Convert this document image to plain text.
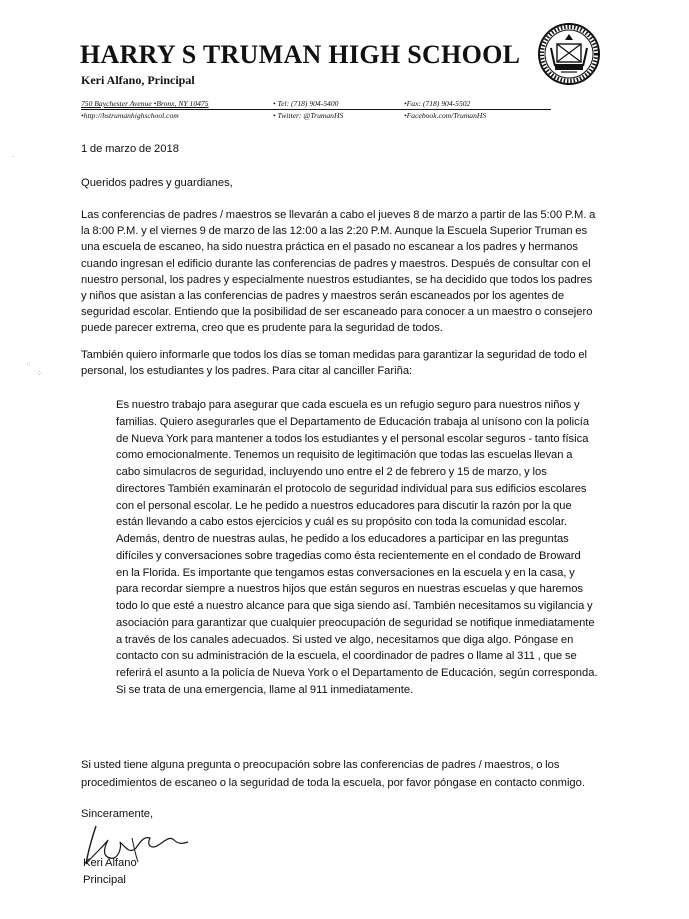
HARRY S TRUMAN HIGH SCHOOL
Keri Alfano, Principal
750 Baychester Avenue •Bronx, NY 10475
•http://hstrumanhighschool.com
• Tel: (718) 904-5400
• Twitter: @TrumanHS
•Fax: (718) 904-5502
•Facebook.com/TrumanHS
1 de marzo de 2018
Queridos padres y guardianes,
Las conferencias de padres / maestros se llevarán a cabo el jueves 8 de marzo a partir de las 5:00 P.M. a
la 8:00 P.M. y el viernes 9 de marzo de las 12:00 a las 2:20 P.M. Aunque la Escuela Superior Truman es
una escuela de escaneo, ha sido nuestra práctica en el pasado no escanear a los padres y hermanos
cuando ingresan el edificio durante las conferencias de padres y maestros. Después de consultar con el
nuestro personal, los padres y especialmente nuestros estudiantes, se ha decidido que todos los padres
y niños que asistan a las conferencias de padres y maestros serán escaneados por los agentes de
seguridad escolar. Entiendo que la posibilidad de ser escaneado para conocer a un maestro o consejero
puede parecer extrema, creo que es prudente para la seguridad de todos.
También quiero informarle que todos los días se toman medidas para garantizar la seguridad de todo el
personal, los estudiantes y los padres. Para citar al canciller Fariña:
Es nuestro trabajo para asegurar que cada escuela es un refugio seguro para nuestros niños y
familias. Quiero asegurarles que el Departamento de Educación trabaja al unísono con la policía
de Nueva York para mantener a todos los estudiantes y el personal escolar seguros - tanto física
como emocionalmente. Tenemos un requisito de legitimación que todas las escuelas llevan a
cabo simulacros de seguridad, incluyendo uno entre el 2 de febrero y 15 de marzo, y los
directores También examinarán el protocolo de seguridad individual para sus edificios escolares
con el personal escolar. Le he pedido a nuestros educadores para discutir la razón por la que
están llevando a cabo estos ejercicios y cuál es su propósito con toda la comunidad escolar.
Además, dentro de nuestras aulas, he pedido a los educadores a participar en las preguntas
difíciles y conversaciones sobre tragedias como ésta recientemente en el condado de Broward
en la Florida. Es importante que tengamos estas conversaciones en la escuela y en la casa, y
para recordar siempre a nuestros hijos que están seguros en nuestras escuelas y que haremos
todo lo que esté a nuestro alcance para que siga siendo así. También necesitamos su vigilancia y
asociación para garantizar que cualquier preocupación de seguridad se notifique inmediatamente
a través de los canales adecuados. Si usted ve algo, necesitamos que diga algo. Póngase en
contacto con su administración de la escuela, el coordinador de padres o llame al 311 , que se
referirá el asunto a la policía de Nueva York o el Departamento de Educación, según corresponda.
Si se trata de una emergencia, llame al 911 inmediatamente.
Si usted tiene alguna pregunta o preocupación sobre las conferencias de padres / maestros, o los
procedimientos de escaneo o la seguridad de toda la escuela, por favor póngase en contacto conmigo.
Sinceramente,
Keri Alfano
Principal
⁖
·
⁘
